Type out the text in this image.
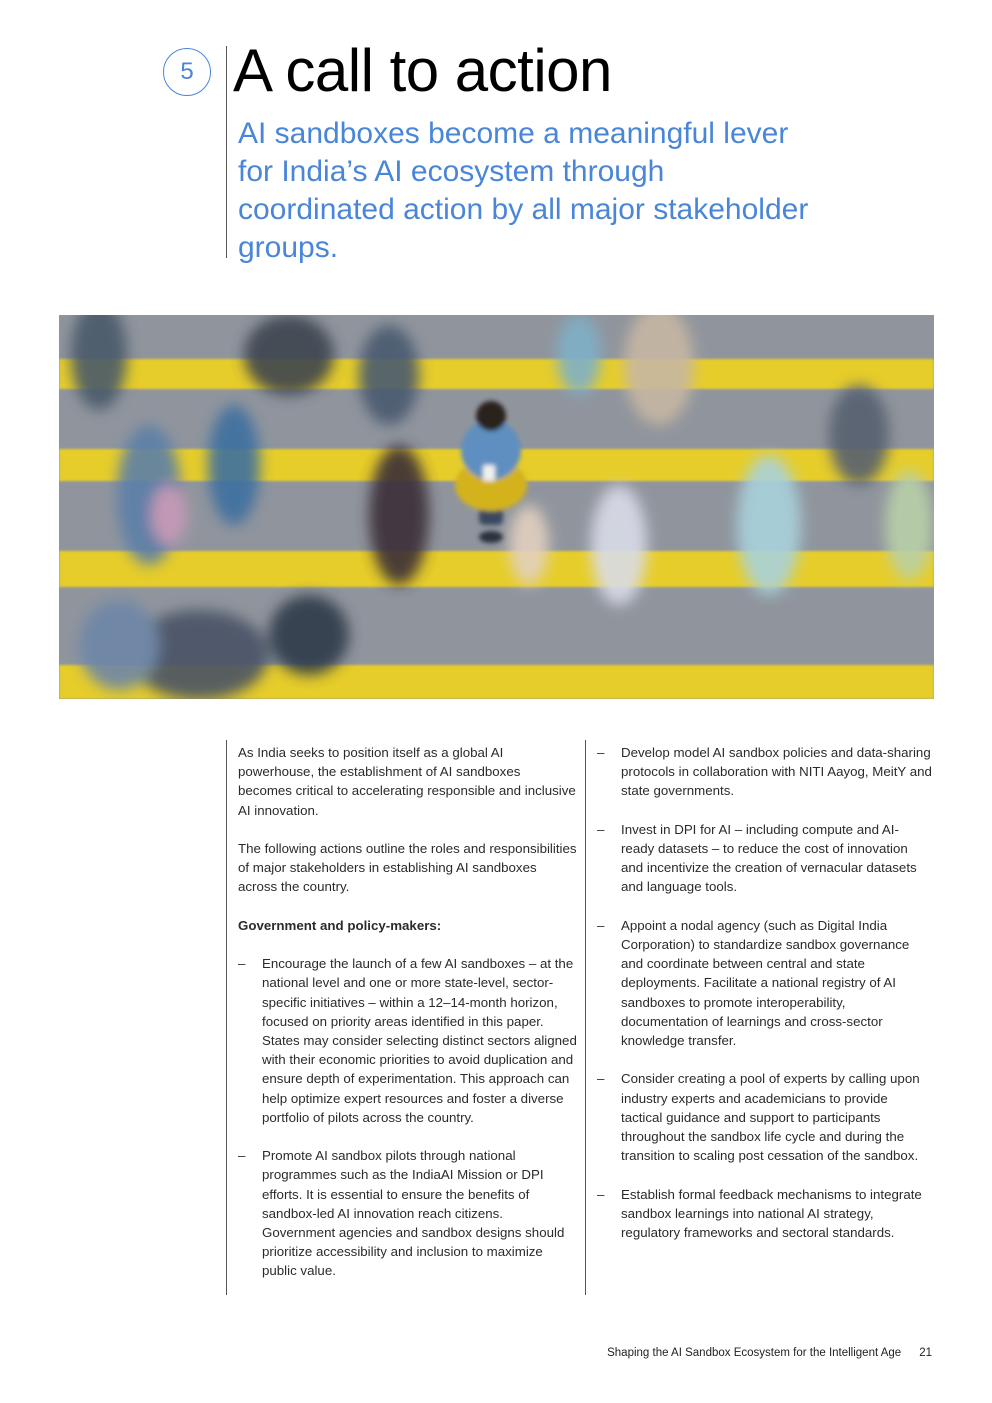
5 A call to action

AI sandboxes become a meaningful lever for India’s AI ecosystem through coordinated action by all major stakeholder groups.

As India seeks to position itself as a global AI powerhouse, the establishment of AI sandboxes becomes critical to accelerating responsible and inclusive AI innovation.

The following actions outline the roles and responsibilities of major stakeholders in establishing AI sandboxes across the country.

Government and policy-makers:

– Encourage the launch of a few AI sandboxes – at the national level and one or more state-level, sector-specific initiatives – within a 12–14-month horizon, focused on priority areas identified in this paper. States may consider selecting distinct sectors aligned with their economic priorities to avoid duplication and ensure depth of experimentation. This approach can help optimize expert resources and foster a diverse portfolio of pilots across the country.
– Promote AI sandbox pilots through national programmes such as the IndiaAI Mission or DPI efforts. It is essential to ensure the benefits of sandbox-led AI innovation reach citizens. Government agencies and sandbox designs should prioritize accessibility and inclusion to maximize public value.
– Develop model AI sandbox policies and data-sharing protocols in collaboration with NITI Aayog, MeitY and state governments.
– Invest in DPI for AI – including compute and AI-ready datasets – to reduce the cost of innovation and incentivize the creation of vernacular datasets and language tools.
– Appoint a nodal agency (such as Digital India Corporation) to standardize sandbox governance and coordinate between central and state deployments. Facilitate a national registry of AI sandboxes to promote interoperability, documentation of learnings and cross-sector knowledge transfer.
– Consider creating a pool of experts by calling upon industry experts and academicians to provide tactical guidance and support to participants throughout the sandbox life cycle and during the transition to scaling post cessation of the sandbox.
– Establish formal feedback mechanisms to integrate sandbox learnings into national AI strategy, regulatory frameworks and sectoral standards.
Shaping the AI Sandbox Ecosystem for the Intelligent Age 21
